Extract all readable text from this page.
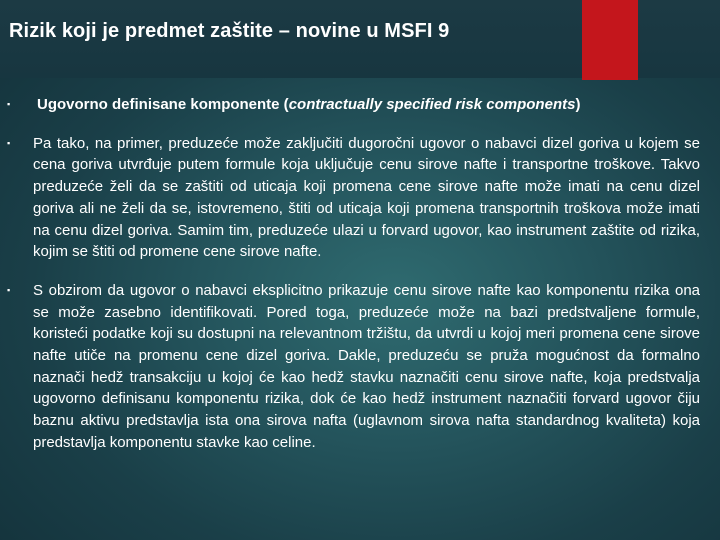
Rizik koji je predmet zaštite – novine u MSFI 9
▪ Ugovorno definisane komponente (contractually specified risk components)
▪ Pa tako, na primer, preduzeće može zaključiti dugoročni ugovor o nabavci dizel goriva u kojem se cena goriva utvrđuje putem formule koja uključuje cenu sirove nafte i transportne troškove. Takvo preduzeće želi da se zaštiti od uticaja koji promena cene sirove nafte može imati na cenu dizel goriva ali ne želi da se, istovremeno, štiti od uticaja koji promena transportnih troškova može imati na cenu dizel goriva. Samim tim, preduzeće ulazi u forvard ugovor, kao instrument zaštite od rizika, kojim se štiti od promene cene sirove nafte.
▪ S obzirom da ugovor o nabavci eksplicitno prikazuje cenu sirove nafte kao komponentu rizika ona se može zasebno identifikovati. Pored toga, preduzeće može na bazi predstvaljene formule, koristeći podatke koji su dostupni na relevantnom tržištu, da utvrdi u kojoj meri promena cene sirove nafte utiče na promenu cene dizel goriva. Dakle, preduzeću se pruža mogućnost da formalno naznači hedž transakciju u kojoj će kao hedž stavku naznačiti cenu sirove nafte, koja predstvalja ugovorno definisanu komponentu rizika, dok će kao hedž instrument naznačiti forvard ugovor čiju baznu aktivu predstavlja ista ona sirova nafta (uglavnom sirova nafta standardnog kvaliteta) koja predstavlja komponentu stavke kao celine.
